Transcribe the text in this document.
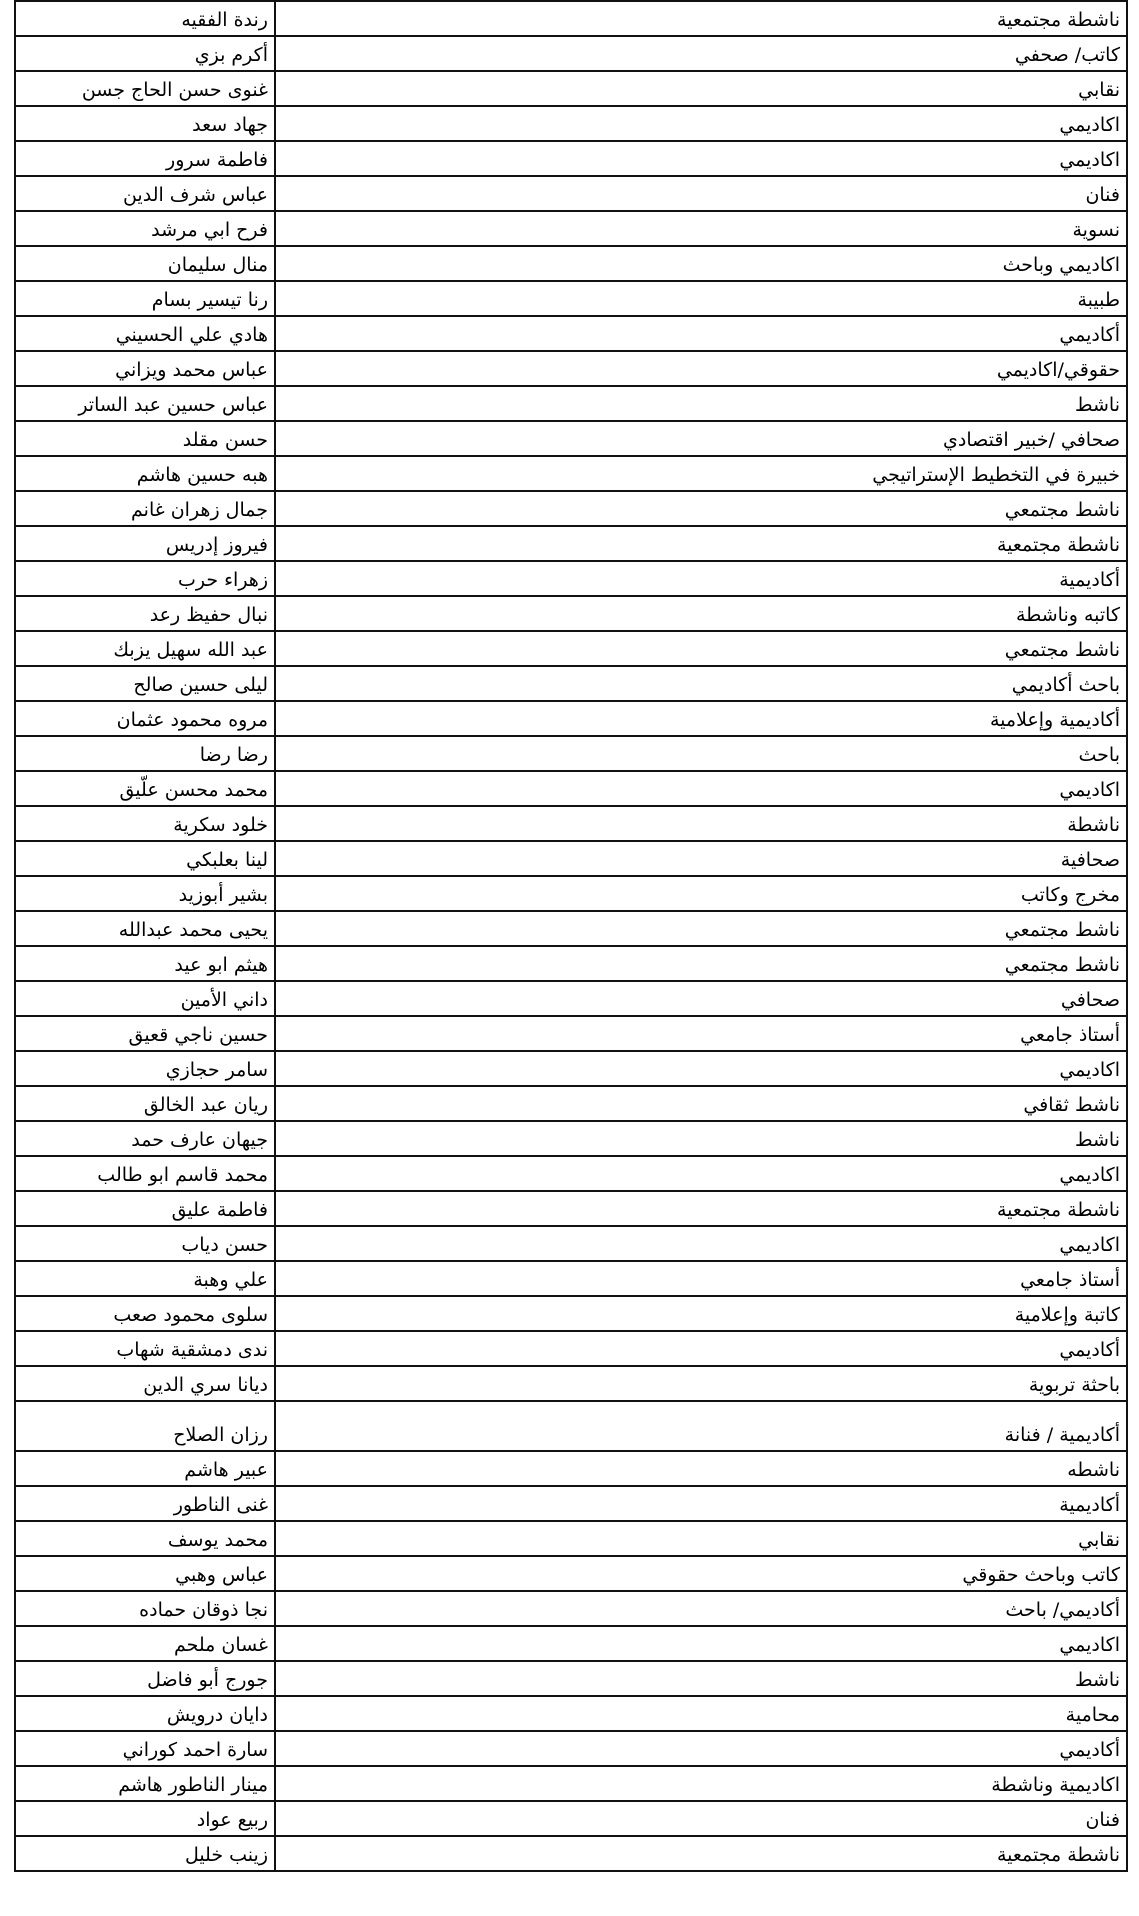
رندة الفقيه	ناشطة مجتمعية
أكرم بزي	كاتب/ صحفي
غنوى حسن الحاج جسن	نقابي
جهاد سعد	اكاديمي
فاطمة سرور	اكاديمي
عباس شرف الدين	فنان
فرح ابي مرشد	نسوية
منال سليمان	اكاديمي وباحث
رنا تيسير بسام	طبيبة
هادي علي الحسيني	أكاديمي
عباس محمد ويزاني	حقوقي/اكاديمي
عباس حسين عبد الساتر	ناشط
حسن مقلد	صحافي /خبير اقتصادي
هبه حسين هاشم	خبيرة في التخطيط الإستراتيجي
جمال زهران غانم	ناشط مجتمعي
فيروز إدريس	ناشطة مجتمعية
زهراء حرب	أكاديمية
نبال حفيظ رعد	كاتبه وناشطة
عبد الله سهيل يزبك	ناشط مجتمعي
ليلى حسين صالح	باحث أكاديمي
مروه محمود عثمان	أكاديمية وإعلامية
رضا رضا	باحث
محمد محسن علّيق	اكاديمي
خلود سكرية	ناشطة
لينا بعلبكي	صحافية
بشير أبوزيد	مخرج وكاتب
يحيى محمد عبدالله	ناشط مجتمعي
هيثم ابو عيد	ناشط مجتمعي
داني الأمين	صحافي
حسين ناجي قعيق	أستاذ جامعي
سامر حجازي	اكاديمي
ريان عبد الخالق	ناشط ثقافي
جيهان عارف حمد	ناشط
محمد قاسم ابو طالب	اكاديمي
فاطمة عليق	ناشطة مجتمعية
حسن دياب	اكاديمي
علي وهبة	أستاذ جامعي
سلوى محمود صعب	كاتبة وإعلامية
ندى دمشقية شهاب	أكاديمي
ديانا سري الدين	باحثة تربوية
رزان الصلاح	أكاديمية / فنانة
عبير هاشم	ناشطه
غنى الناطور	أكاديمية
محمد يوسف	نقابي
عباس وهبي	كاتب وباحث حقوقي
نجا ذوقان حماده	أكاديمي/ باحث
غسان ملحم	اكاديمي
جورج أبو فاضل	ناشط
دايان درويش	محامية
سارة احمد كوراني	أكاديمي
مينار الناطور هاشم	اكاديمية وناشطة
ربيع عواد	فنان
زينب خليل	ناشطة مجتمعية
